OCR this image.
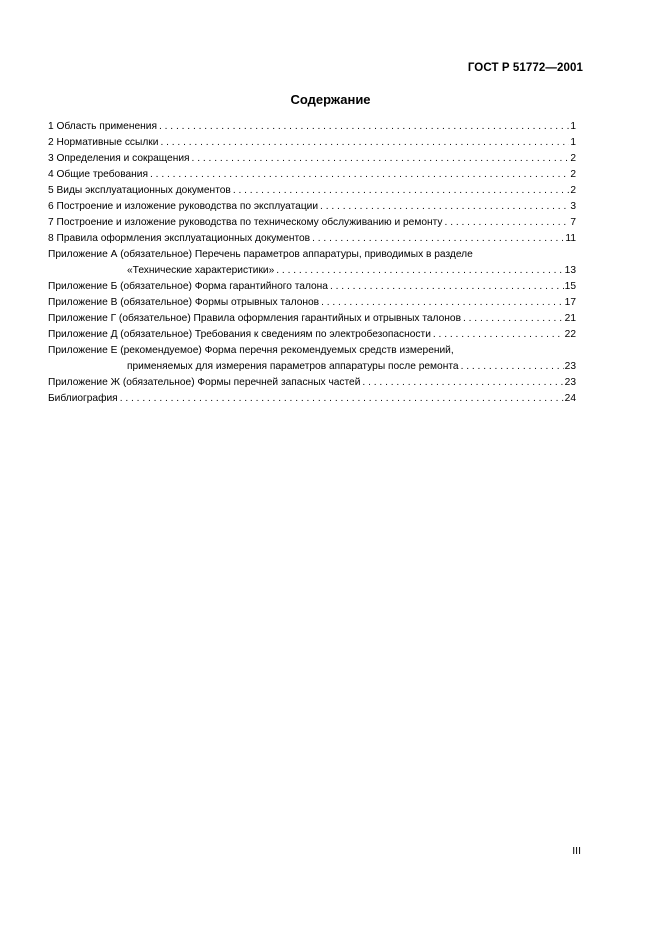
ГОСТ Р 51772—2001
Содержание
1 Область применения . . .	1
2 Нормативные ссылки . . .	1
3 Определения и сокращения . . .	2
4 Общие требования . . .	2
5 Виды эксплуатационных документов . . .	2
6 Построение и изложение руководства по эксплуатации . . .	3
7 Построение и изложение руководства по техническому обслуживанию и ремонту . . .	7
8 Правила оформления эксплуатационных документов . . .	11
Приложение А (обязательное) Перечень параметров аппаратуры, приводимых в разделе
«Технические характеристики» . . .	13
Приложение Б (обязательное) Форма гарантийного талона . . .	15
Приложение В (обязательное) Формы отрывных талонов . . .	17
Приложение Г (обязательное) Правила оформления гарантийных и отрывных талонов . . .	21
Приложение Д (обязательное) Требования к сведениям по электробезопасности . . .	22
Приложение Е (рекомендуемое) Форма перечня рекомендуемых средств измерений,
применяемых для измерения параметров аппаратуры после ремонта . . .	23
Приложение Ж (обязательное) Формы перечней запасных частей . . .	23
Библиография . . .	24
III
